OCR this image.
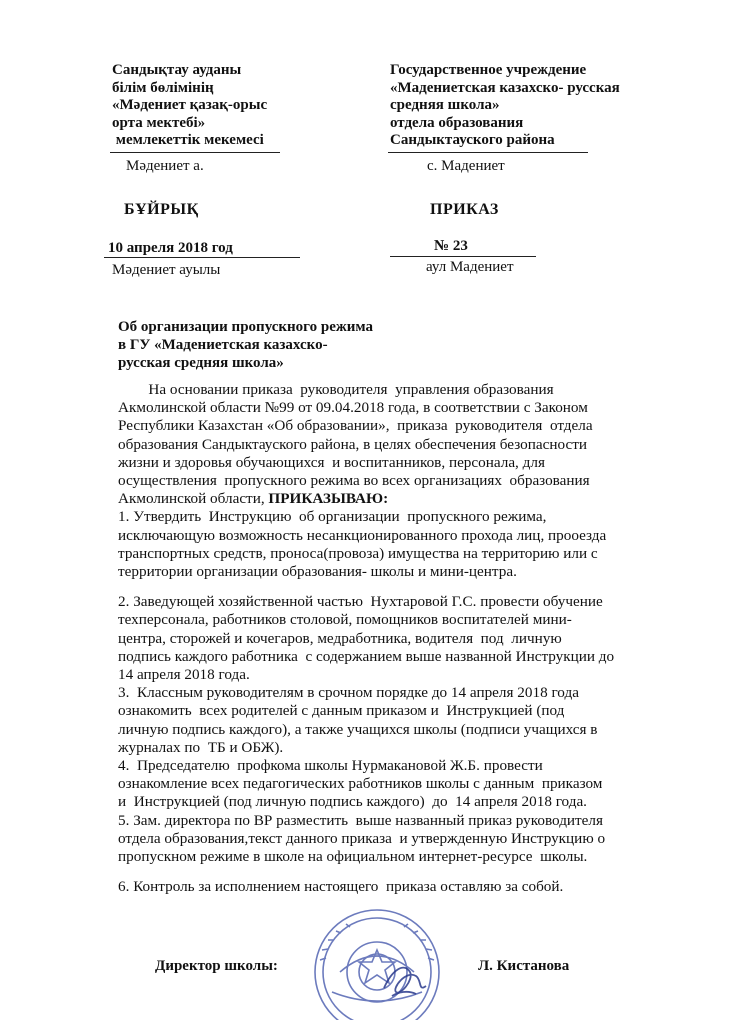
Сандықтау ауданы
білім бөлімінің
«Мәдениет қазақ-орыс
орта мектебі»
мемлекеттік мекемесі
Государственное учреждение
«Мадениетская казахско- русская
средняя школа»
отдела образования
Сандыктауского района
Мәдениет а.	с. Мадениет
БҰЙРЫҚ	ПРИКАЗ
10 апреля 2018 год	№ 23
Мәдениет ауылы	аул Мадениет
Об организации пропускного режима
в ГУ «Мадениетская казахско-
русская средняя школа»
На основании приказа  руководителя  управления образования
Акмолинской области №99 от 09.04.2018 года, в соответствии с Законом
Республики Казахстан «Об образовании»,  приказа  руководителя  отдела
образования Сандыктауского района, в целях обеспечения безопасности
жизни и здоровья обучающихся  и воспитанников, персонала, для
осуществления  пропускного режима во всех организациях  образования
Акмолинской области, ПРИКАЗЫВАЮ:
1. Утвердить  Инструкцию  об организации  пропускного режима,
исключающую возможность несанкционированного прохода лиц, прооезда
транспортных средств, проноса(провоза) имущества на территорию или с
территории организации образования- школы и мини-центра.
2. Заведующей хозяйственной частью  Нухтаровой Г.С. провести обучение
техперсонала, работников столовой, помощников воспитателей мини-
центра, сторожей и кочегаров, медработника, водителя  под  личную
подпись каждого работника  с содержанием выше названной Инструкции до
14 апреля 2018 года.
3.  Классным руководителям в срочном порядке до 14 апреля 2018 года
ознакомить  всех родителей с данным приказом и  Инструкцией (под
личную подпись каждого), а также учащихся школы (подписи учащихся в
журналах по  ТБ и ОБЖ).
4.  Председателю  профкома школы Нурмакановой Ж.Б. провести
ознакомление всех педагогических работников школы с данным  приказом
и  Инструкцией (под личную подпись каждого)  до  14 апреля 2018 года.
5. Зам. директора по ВР разместить  выше названный приказ руководителя
отдела образования,текст данного приказа  и утвержденную Инструкцию о
пропускном режиме в школе на официальном интернет-ресурсе  школы.
6. Контроль за исполнением настоящего  приказа оставляю за собой.
Директор школы:	Л. Кистанова
